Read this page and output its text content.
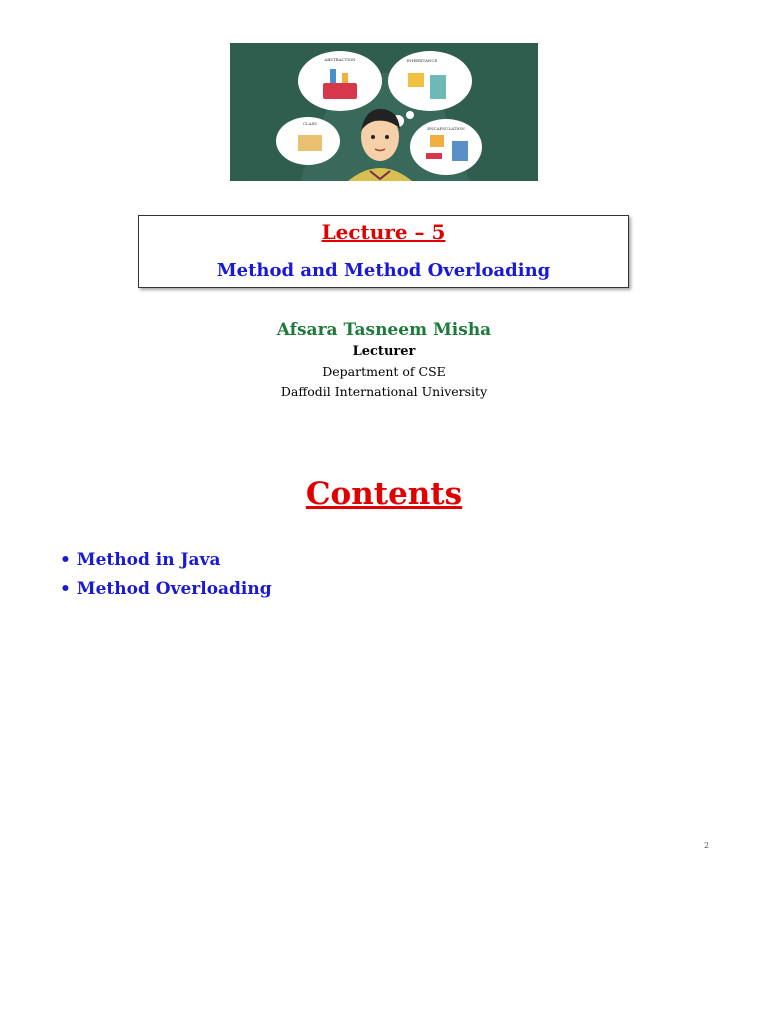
ABSTRACTION	INHERITANCE
CLASS
ENCAPSULATION
Lecture – 5
Method and Method Overloading
Afsara Tasneem Misha
Lecturer
Department of CSE
Daffodil International University
Contents
• Method in Java
• Method Overloading
2
